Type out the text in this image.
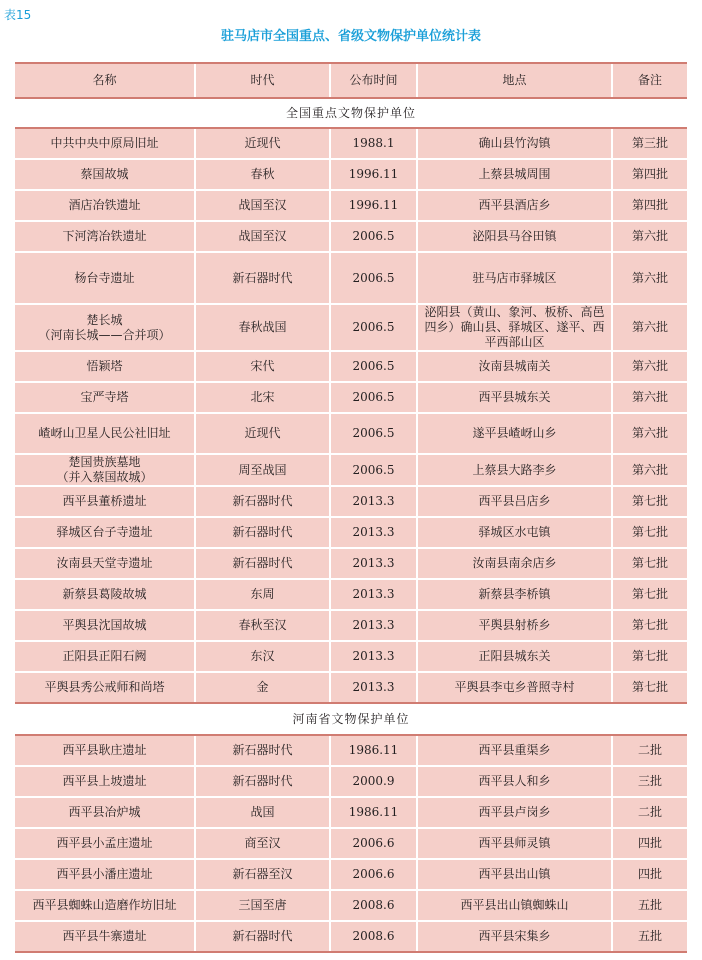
表15
驻马店市全国重点、省级文物保护单位统计表
名称	时代	公布时间	地点	备注
全国重点文物保护单位				

中共中央中原局旧址	近现代	1988.1	确山县竹沟镇	第三批

蔡国故城	春秋	1996.11	上蔡县城周围	第四批

酒店冶铁遗址	战国至汉	1996.11	西平县酒店乡	第四批

下河湾冶铁遗址	战国至汉	2006.5	泌阳县马谷田镇	第六批

杨台寺遗址	新石器时代	2006.5	驻马店市驿城区	第六批

楚长城
（河南长城——合并项）	春秋战国	2006.5	泌阳县（黄山、象河、板桥、高邑四乡）确山县、驿城区、遂平、西平西部山区	第六批

悟颖塔	宋代	2006.5	汝南县城南关	第六批

宝严寺塔	北宋	2006.5	西平县城东关	第六批

嵖岈山卫星人民公社旧址	近现代	2006.5	遂平县嵖岈山乡	第六批

楚国贵族墓地
（并入蔡国故城）	周至战国	2006.5	上蔡县大路李乡	第六批

西平县董桥遗址	新石器时代	2013.3	西平县吕店乡	第七批

驿城区台子寺遗址	新石器时代	2013.3	驿城区水屯镇	第七批

汝南县天堂寺遗址	新石器时代	2013.3	汝南县南余店乡	第七批

新蔡县葛陵故城	东周	2013.3	新蔡县李桥镇	第七批

平舆县沈国故城	春秋至汉	2013.3	平舆县射桥乡	第七批

正阳县正阳石阙	东汉	2013.3	正阳县城东关	第七批

平舆县秀公戒师和尚塔	金	2013.3	平舆县李屯乡普照寺村	第七批
河南省文物保护单位				

西平县耿庄遗址	新石器时代	1986.11	西平县重渠乡	二批

西平县上坡遗址	新石器时代	2000.9	西平县人和乡	三批

西平县冶炉城	战国	1986.11	西平县卢岗乡	二批

西平县小孟庄遗址	商至汉	2006.6	西平县师灵镇	四批

西平县小潘庄遗址	新石器至汉	2006.6	西平县出山镇	四批

西平县蜘蛛山造磨作坊旧址	三国至唐	2008.6	西平县出山镇蜘蛛山	五批

西平县牛寨遗址	新石器时代	2008.6	西平县宋集乡	五批
